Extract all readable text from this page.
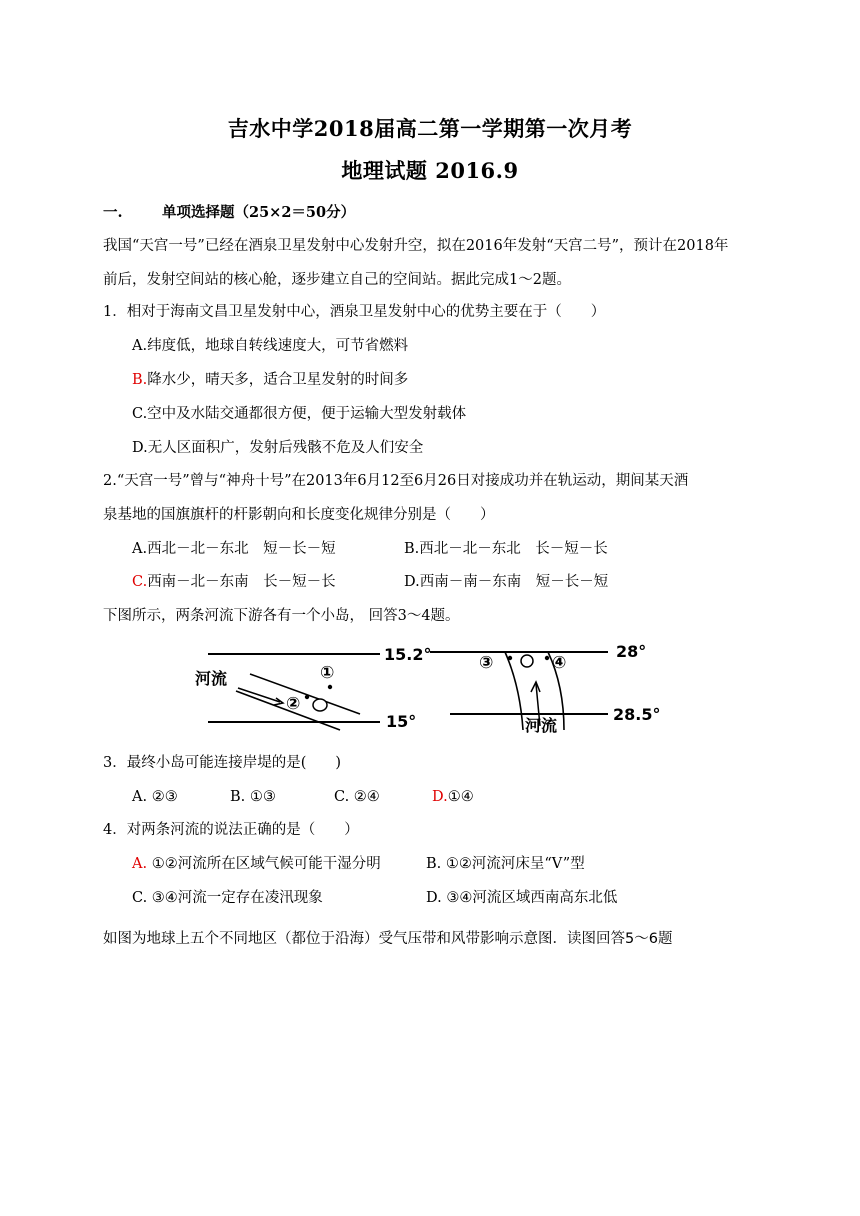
吉水中学2018届高二第一学期第一次月考
地理试题 2016.9
一.	单项选择题（25×2＝50分）
我国“天宫一号”已经在酒泉卫星发射中心发射升空，拟在2016年发射“天宫二号”，预计在2018年
前后，发射空间站的核心舱，逐步建立自己的空间站。据此完成1～2题。
1．相对于海南文昌卫星发射中心，酒泉卫星发射中心的优势主要在于（　　）
A.纬度低，地球自转线速度大，可节省燃料
B.降水少，晴天多，适合卫星发射的时间多
C.空中及水陆交通都很方便，便于运输大型发射载体
D.无人区面积广，发射后残骸不危及人们安全
2.“天宫一号”曾与“神舟十号”在2013年6月12至6月26日对接成功并在轨运动，期间某天酒
泉基地的国旗旗杆的杆影朝向和长度变化规律分别是（　　）
A.西北－北－东北　短－长－短	B.西北－北－东北　长－短－长
C.西南－北－东南　长－短－长	D.西南－南－东南　短－长－短
下图所示，两条河流下游各有一个小岛， 回答3～4题。
①
②
河流
15.2°
15°
③	④
河流
28°
28.5°
3．最终小岛可能连接岸堤的是(　　)
A. ②③	B. ①③	C. ②④	D.①④
4．对两条河流的说法正确的是（　　）
A. ①②河流所在区域气候可能干湿分明	B. ①②河流河床呈“V”型
C. ③④河流一定存在凌汛现象	D. ③④河流区域西南高东北低
如图为地球上五个不同地区（都位于沿海）受气压带和风带影响示意图．读图回答5～6题
